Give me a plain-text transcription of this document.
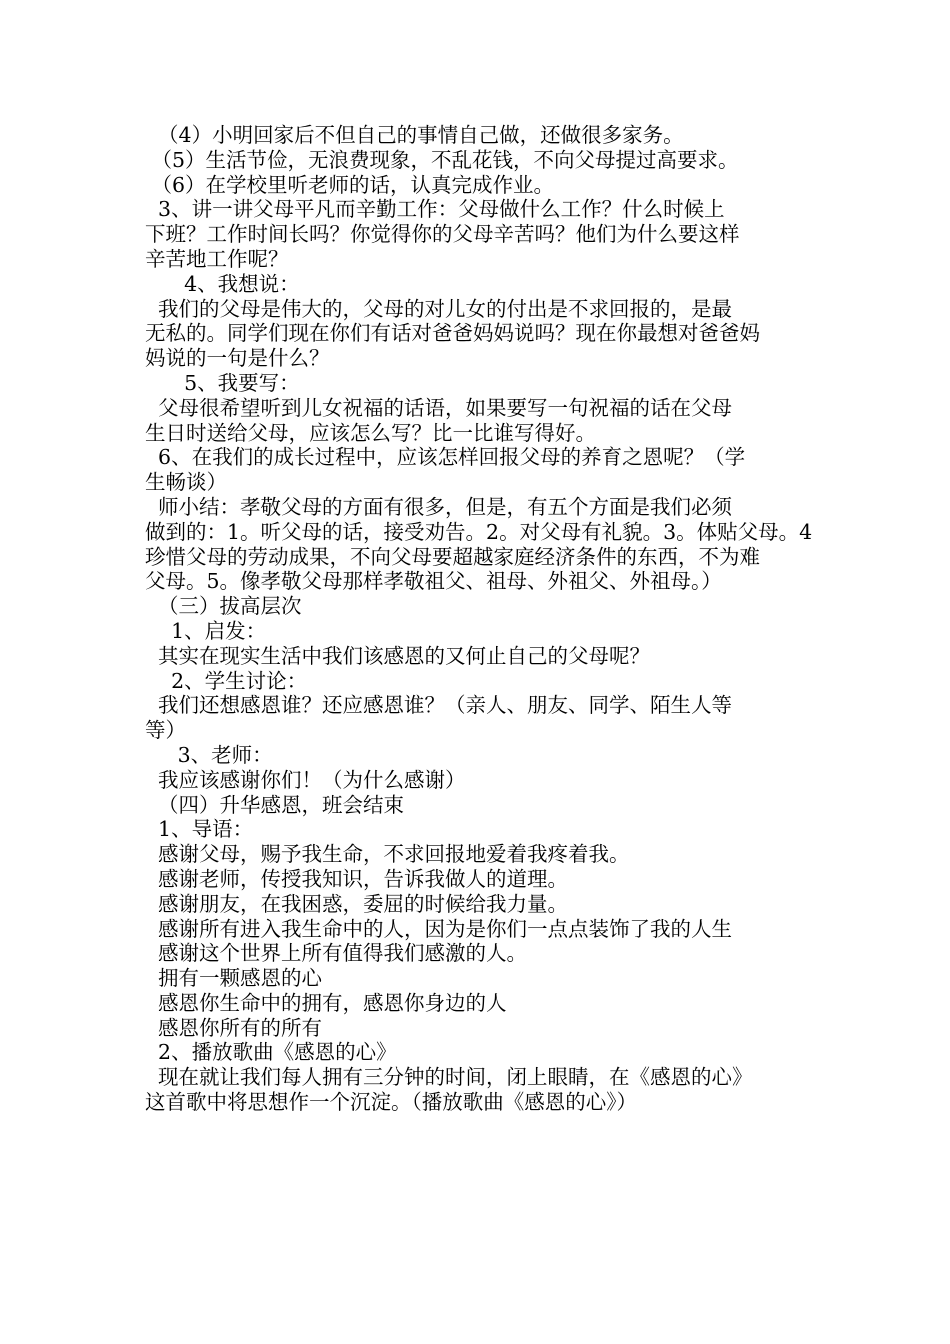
（4）小明回家后不但自己的事情自己做，还做很多家务。
（5）生活节俭，无浪费现象，不乱花钱，不向父母提过高要求。
（6）在学校里听老师的话，认真完成作业。
3、讲一讲父母平凡而辛勤工作：父母做什么工作？什么时候上
下班？工作时间长吗？你觉得你的父母辛苦吗？他们为什么要这样
辛苦地工作呢？
4、我想说：
我们的父母是伟大的，父母的对儿女的付出是不求回报的，是最
无私的。同学们现在你们有话对爸爸妈妈说吗？现在你最想对爸爸妈
妈说的一句是什么？
5、我要写：
父母很希望听到儿女祝福的话语，如果要写一句祝福的话在父母
生日时送给父母，应该怎么写？比一比谁写得好。
6、在我们的成长过程中，应该怎样回报父母的养育之恩呢？（学
生畅谈）
师小结：孝敬父母的方面有很多，但是，有五个方面是我们必须
做到的：1。听父母的话，接受劝告。2。对父母有礼貌。3。体贴父母。4
珍惜父母的劳动成果，不向父母要超越家庭经济条件的东西，不为难
父母。5。像孝敬父母那样孝敬祖父、祖母、外祖父、外祖母。）
（三）拔高层次
1、启发：
其实在现实生活中我们该感恩的又何止自己的父母呢？
2、学生讨论：
我们还想感恩谁？还应感恩谁？（亲人、朋友、同学、陌生人等
等）
3、老师：
我应该感谢你们！（为什么感谢）
（四）升华感恩，班会结束
1、导语：
感谢父母，赐予我生命，不求回报地爱着我疼着我。
感谢老师，传授我知识，告诉我做人的道理。
感谢朋友，在我困惑，委屈的时候给我力量。
感谢所有进入我生命中的人，因为是你们一点点装饰了我的人生
感谢这个世界上所有值得我们感激的人。
拥有一颗感恩的心
感恩你生命中的拥有，感恩你身边的人
感恩你所有的所有
2、播放歌曲《感恩的心》
现在就让我们每人拥有三分钟的时间，闭上眼睛，在《感恩的心》
这首歌中将思想作一个沉淀。（播放歌曲《感恩的心》）
